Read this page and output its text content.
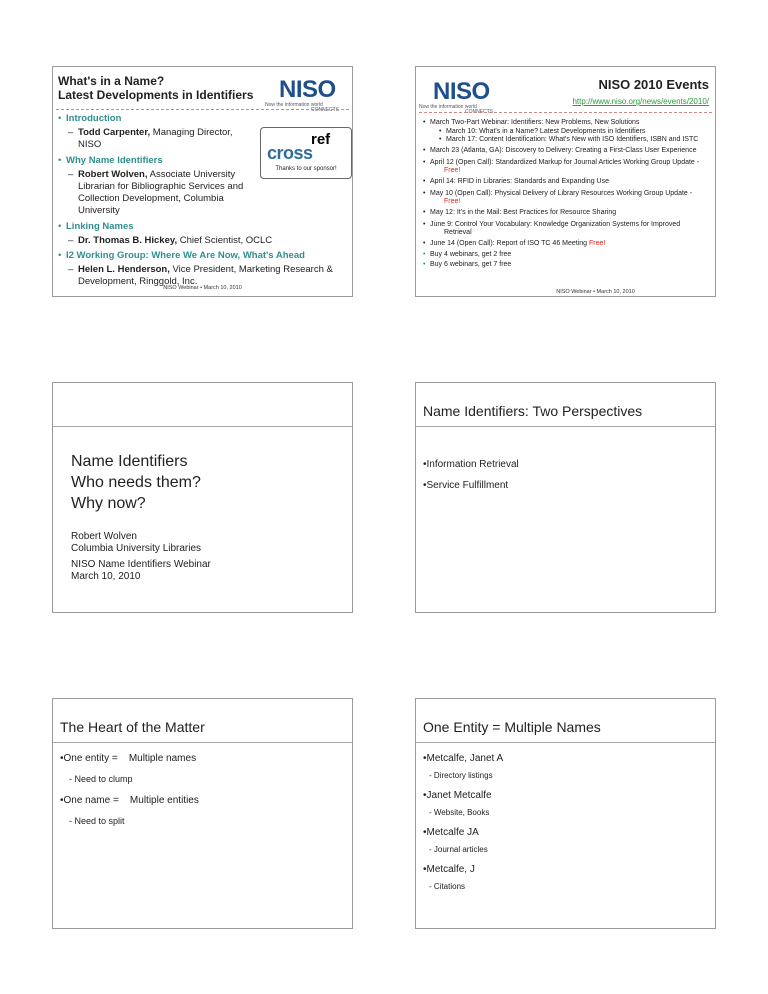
What's in a Name?
Latest Developments in Identifiers NISO
Now the information world
CONNECTS
• Introduction
– Todd Carpenter, Managing Director, NISO
• Why Name Identifiers
– Robert Wolven, Associate University Librarian for Bibliographic Services and Collection Development, Columbia University
• Linking Names
– Dr. Thomas B. Hickey, Chief Scientist, OCLC
• I2 Working Group: Where We Are Now, What's Ahead
– Helen L. Henderson, Vice President, Marketing Research & Development, Ringgold, Inc.
ref
cross
Thanks to our sponsor!
NISO Webinar • March 10, 2010
NISO
Now the information world
CONNECTS
NISO 2010 Events
http://www.niso.org/news/events/2010/
• March Two-Part Webinar: Identifiers: New Problems, New Solutions
• March 10: What's in a Name? Latest Developments in Identifiers
• March 17: Content Identification: What's New with ISO Identifiers, ISBN and ISTC
• March 23 (Atlanta, GA): Discovery to Delivery: Creating a First-Class User Experience
• April 12 (Open Call): Standardized Markup for Journal Articles Working Group Update -
Free!
• April 14: RFID in Libraries: Standards and Expanding Use
• May 10 (Open Call): Physical Delivery of Library Resources Working Group Update -
Free!
• May 12: It's in the Mail: Best Practices for Resource Sharing
• June 9: Control Your Vocabulary: Knowledge Organization Systems for Improved
Retrieval
• June 14 (Open Call): Report of ISO TC 46 Meeting Free!
• Buy 4 webinars, get 2 free
• Buy 6 webinars, get 7 free
NISO Webinar • March 10, 2010
Name Identifiers
Who needs them?
Why now?
Robert Wolven
Columbia University Libraries
NISO Name Identifiers Webinar
March 10, 2010
Name Identifiers: Two Perspectives
•Information Retrieval
•Service Fulfillment
The Heart of the Matter
•One entity =    Multiple names
- Need to clump
•One name =    Multiple entities
- Need to split
One Entity = Multiple Names
•Metcalfe, Janet A
- Directory listings
•Janet Metcalfe
- Website, Books
•Metcalfe JA
- Journal articles
•Metcalfe, J
- Citations
